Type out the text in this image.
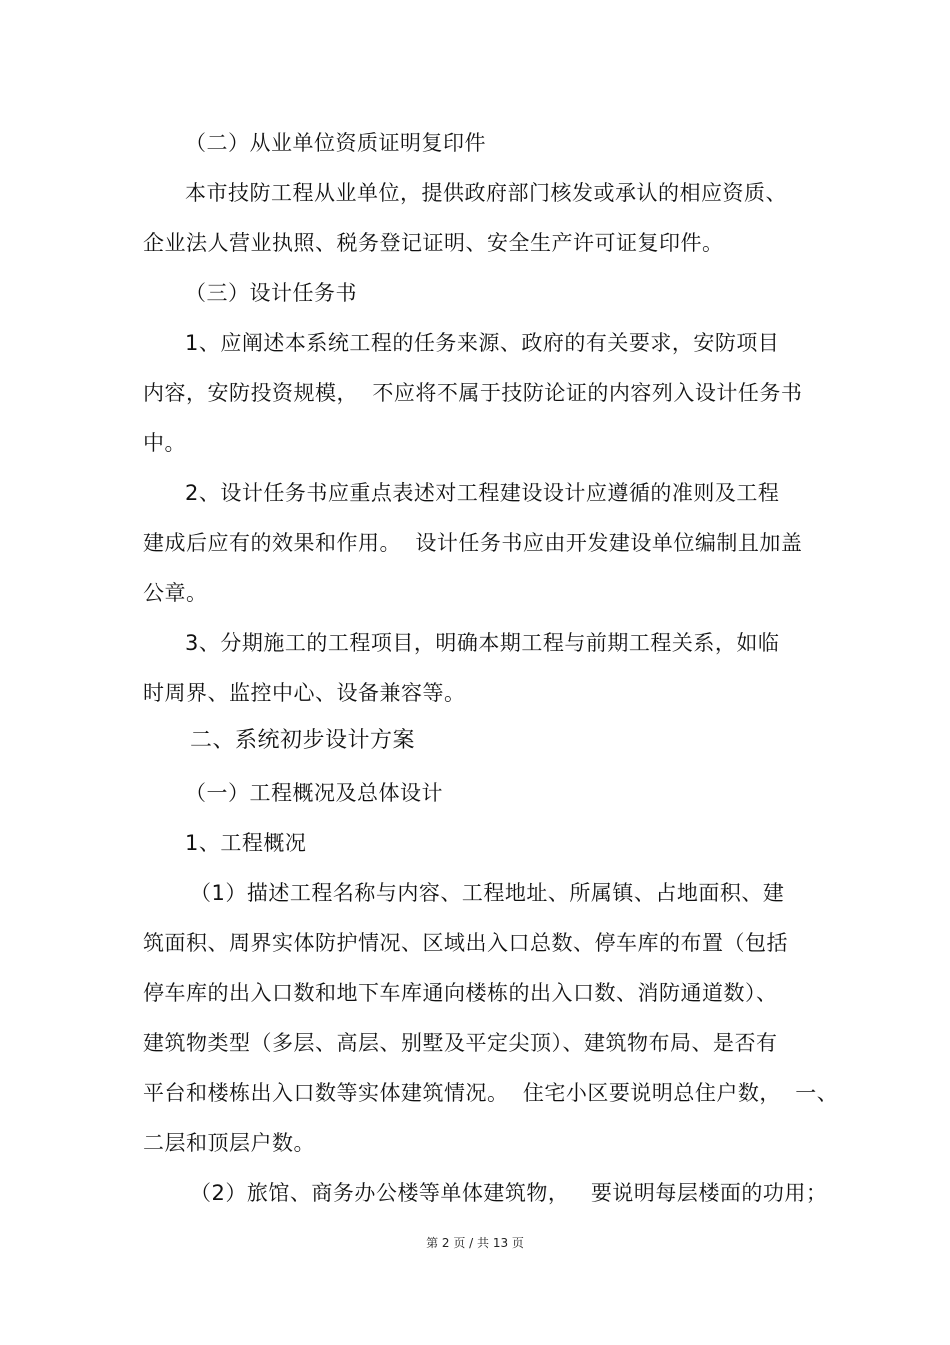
（二）从业单位资质证明复印件
本市技防工程从业单位，提供政府部门核发或承认的相应资质、
企业法人营业执照、税务登记证明、安全生产许可证复印件。
（三）设计任务书
1、应阐述本系统工程的任务来源、政府的有关要求，安防项目
内容，安防投资规模，  不应将不属于技防论证的内容列入设计任务书
中。
2、设计任务书应重点表述对工程建设设计应遵循的准则及工程
建成后应有的效果和作用。  设计任务书应由开发建设单位编制且加盖
公章。
3、分期施工的工程项目，明确本期工程与前期工程关系，如临
时周界、监控中心、设备兼容等。
二、系统初步设计方案
（一）工程概况及总体设计
1、工程概况
（1）描述工程名称与内容、工程地址、所属镇、占地面积、建
筑面积、周界实体防护情况、区域出入口总数、停车库的布置（包括
停车库的出入口数和地下车库通向楼栋的出入口数、消防通道数）、
建筑物类型（多层、高层、别墅及平定尖顶）、建筑物布局、是否有
平台和楼栋出入口数等实体建筑情况。  住宅小区要说明总住户数，  一、
二层和顶层户数。
（2）旅馆、商务办公楼等单体建筑物，   要说明每层楼面的功用；
第 2 页 / 共 13 页
